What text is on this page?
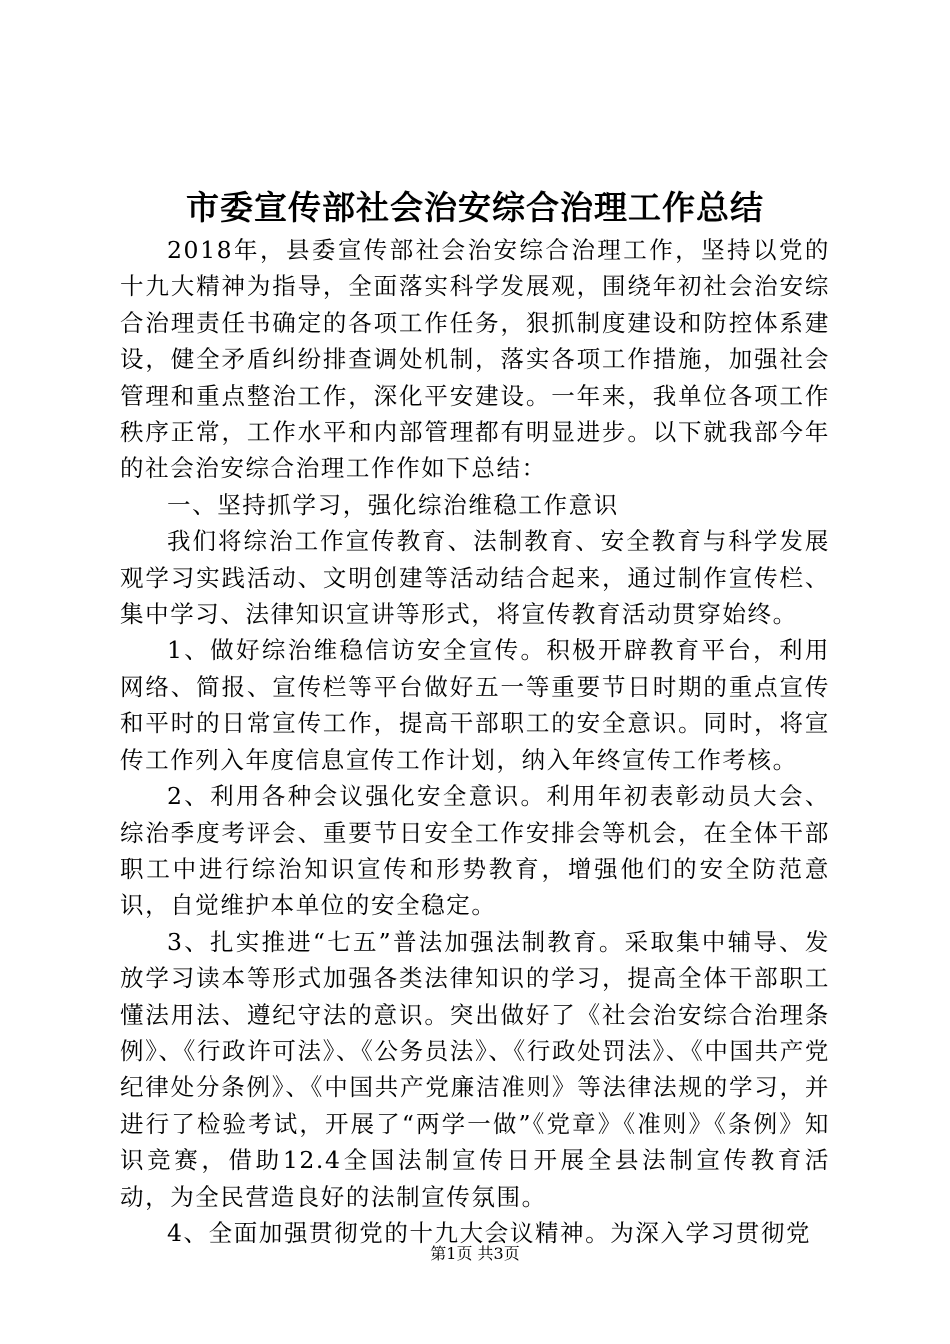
市委宣传部社会治安综合治理工作总结

2018年，县委宣传部社会治安综合治理工作，坚持以党的十九大精神为指导，全面落实科学发展观，围绕年初社会治安综合治理责任书确定的各项工作任务，狠抓制度建设和防控体系建设，健全矛盾纠纷排查调处机制，落实各项工作措施，加强社会管理和重点整治工作，深化平安建设。一年来，我单位各项工作秩序正常，工作水平和内部管理都有明显进步。以下就我部今年的社会治安综合治理工作作如下总结：

一、坚持抓学习，强化综治维稳工作意识

我们将综治工作宣传教育、法制教育、安全教育与科学发展观学习实践活动、文明创建等活动结合起来，通过制作宣传栏、集中学习、法律知识宣讲等形式，将宣传教育活动贯穿始终。

1、做好综治维稳信访安全宣传。积极开辟教育平台，利用网络、简报、宣传栏等平台做好五一等重要节日时期的重点宣传和平时的日常宣传工作，提高干部职工的安全意识。同时，将宣传工作列入年度信息宣传工作计划，纳入年终宣传工作考核。

2、利用各种会议强化安全意识。利用年初表彰动员大会、综治季度考评会、重要节日安全工作安排会等机会，在全体干部职工中进行综治知识宣传和形势教育，增强他们的安全防范意识，自觉维护本单位的安全稳定。

3、扎实推进“七五”普法加强法制教育。采取集中辅导、发放学习读本等形式加强各类法律知识的学习，提高全体干部职工懂法用法、遵纪守法的意识。突出做好了《社会治安综合治理条例》、《行政许可法》、《公务员法》、《行政处罚法》、《中国共产党纪律处分条例》、《中国共产党廉洁准则》等法律法规的学习，并进行了检验考试，开展了“两学一做”《党章》《准则》《条例》知识竞赛，借助12.4全国法制宣传日开展全县法制宣传教育活动，为全民营造良好的法制宣传氛围。

4、全面加强贯彻党的十九大会议精神。为深入学习贯彻党

第1页 共3页
